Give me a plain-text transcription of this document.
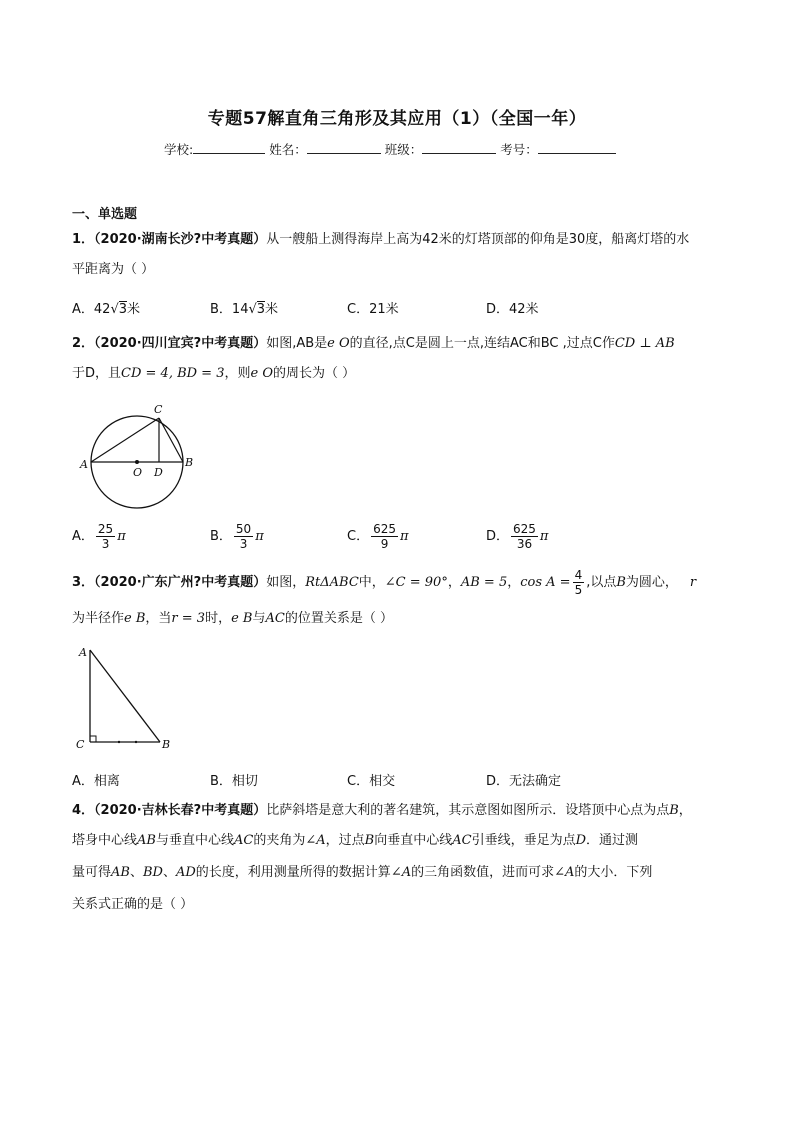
专题57解直角三角形及其应用（1）（全国一年）
学校:	姓名：	班级：	考号：
一、单选题
1．（2020·湖南长沙?中考真题）从一艘船上测得海岸上高为42米的灯塔顶部的仰角是30度，船离灯塔的水
平距离为（ ）
A．42√3米	B．14√3米	C．21米	D．42米
2．（2020·四川宜宾?中考真题）如图,AB是e O的直径,点C是圆上一点,连结AC和BC ,过点C作CD ⊥ AB
于D，且CD = 4, BD = 3，则e O的周长为（ ）
A	B
C
O D
A． $\frac{25}{3}$ π	B． $\frac{50}{3}$ π	C． $\frac{625}{9}$ π	D． $\frac{625}{36}$ π
3．（2020·广东广州?中考真题）如图，RtΔABC中，∠C = 90°，AB = 5，$\cos A = \frac{4}{5}$ ,以点B为圆心， r
为半径作e B，当r = 3时，e B与AC的位置关系是（ ）
A
C	B
A．相离	B．相切	C．相交	D．无法确定
4．（2020·吉林长春?中考真题）比萨斜塔是意大利的著名建筑，其示意图如图所示．设塔顶中心点为点B，
塔身中心线AB与垂直中心线AC的夹角为∠A，过点B向垂直中心线AC引垂线，垂足为点D．通过测
量可得AB、BD、AD的长度，利用测量所得的数据计算∠A的三角函数值，进而可求∠A的大小．下列
关系式正确的是（ ）
